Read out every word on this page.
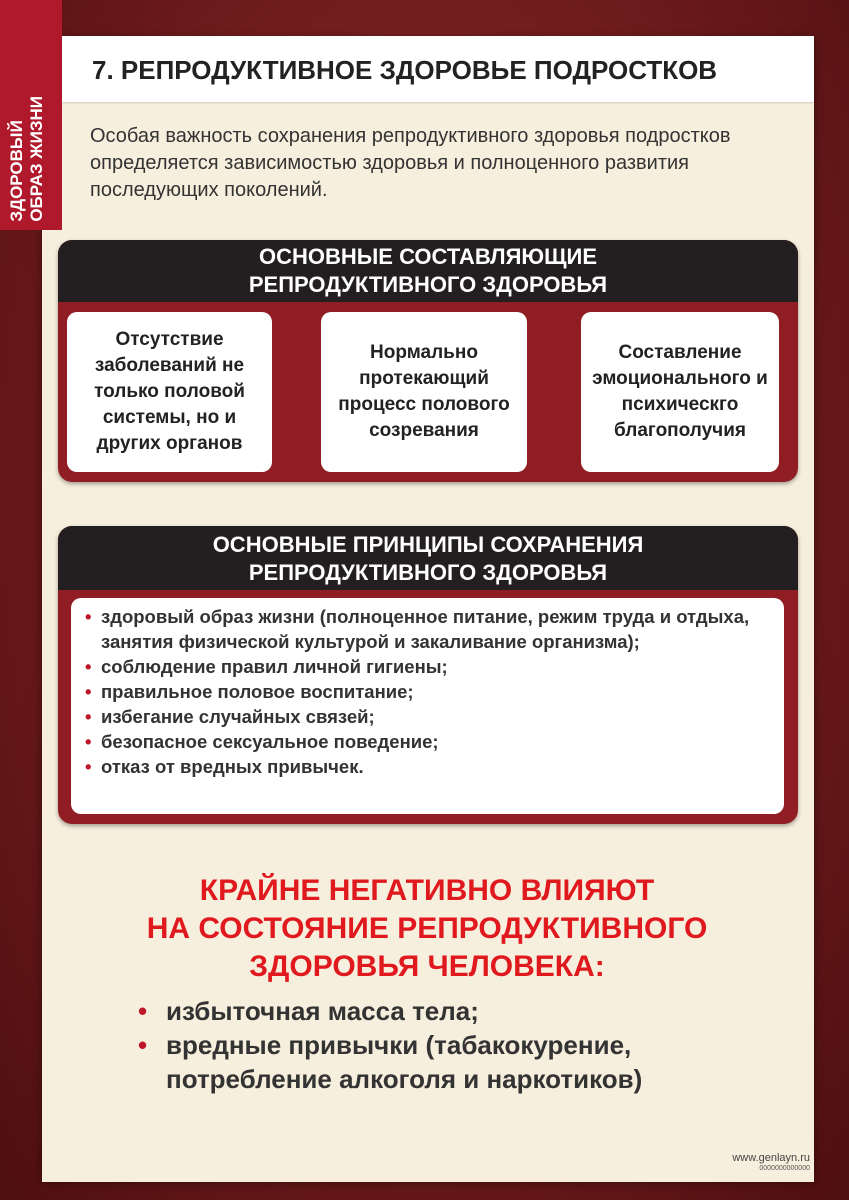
ЗДОРОВЫЙ ОБРАЗ ЖИЗНИ
7. РЕПРОДУКТИВНОЕ ЗДОРОВЬЕ ПОДРОСТКОВ
Особая важность сохранения репродуктивного здоровья подростков определяется зависимостью здоровья и полноценного развития последующих поколений.
ОСНОВНЫЕ СОСТАВЛЯЮЩИЕ
РЕПРОДУКТИВНОГО ЗДОРОВЬЯ
Отсутствие заболеваний не только половой системы, но и других органов
Нормально протекающий процесс полового созревания
Составление эмоционального и психическго благополучия
ОСНОВНЫЕ ПРИНЦИПЫ СОХРАНЕНИЯ
РЕПРОДУКТИВНОГО ЗДОРОВЬЯ
• здоровый образ жизни (полноценное питание, режим труда и отдыха, занятия физической культурой и закаливание организма);
• соблюдение правил личной гигиены;
• правильное половое воспитание;
• избегание случайных связей;
• безопасное сексуальное поведение;
• отказ от вредных привычек.
КРАЙНЕ НЕГАТИВНО ВЛИЯЮТ
НА СОСТОЯНИЕ РЕПРОДУКТИВНОГО
ЗДОРОВЬЯ ЧЕЛОВЕКА:
• избыточная масса тела;
• вредные привычки (табакокурение, потребление алкоголя и наркотиков)
www.genlayn.ru
0000000000000
